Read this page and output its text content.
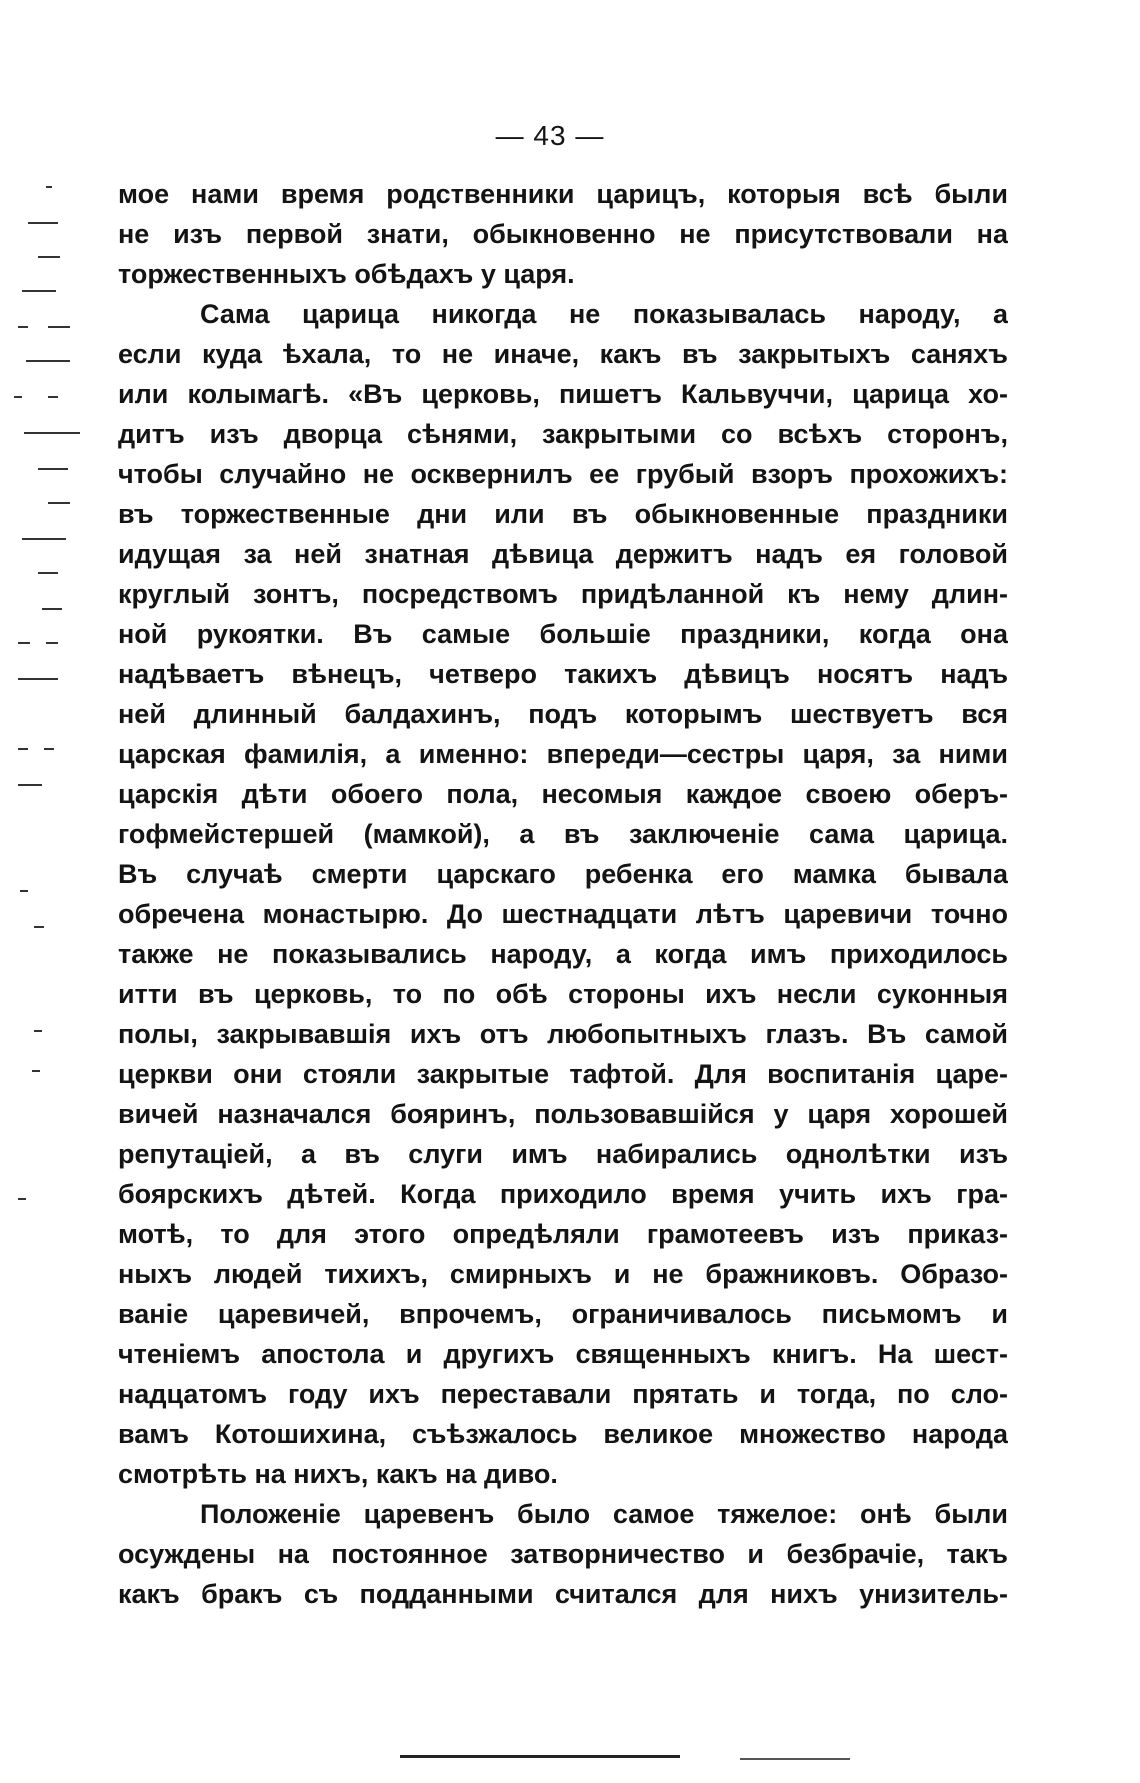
— 43 —
мое нами время родственники царицъ, которыя всѣ были
не изъ первой знати, обыкновенно не присутствовали на
торжественныхъ обѣдахъ у царя.
Сама царица никогда не показывалась народу, а
если куда ѣхала, то не иначе, какъ въ закрытыхъ саняхъ
или колымагѣ. «Въ церковь, пишетъ Кальвуччи, царица хо-
дитъ изъ дворца сѣнями, закрытыми со всѣхъ сторонъ,
чтобы случайно не осквернилъ ее грубый взоръ прохожихъ:
въ торжественные дни или въ обыкновенные праздники
идущая за ней знатная дѣвица держитъ надъ ея головой
круглый зонтъ, посредствомъ придѣланной къ нему длин-
ной рукоятки. Въ самые большіе праздники, когда она
надѣваетъ вѣнецъ, четверо такихъ дѣвицъ носятъ надъ
ней длинный балдахинъ, подъ которымъ шествуетъ вся
царская фамилія, а именно: впереди—сестры царя, за ними
царскія дѣти обоего пола, несомыя каждое своею оберъ-
гофмейстершей (мамкой), а въ заключеніе сама царица.
Въ случаѣ смерти царскаго ребенка его мамка бывала
обречена монастырю. До шестнадцати лѣтъ царевичи точно
также не показывались народу, а когда имъ приходилось
итти въ церковь, то по обѣ стороны ихъ несли суконныя
полы, закрывавшія ихъ отъ любопытныхъ глазъ. Въ самой
церкви они стояли закрытые тафтой. Для воспитанія царе-
вичей назначался бояринъ, пользовавшійся у царя хорошей
репутаціей, а въ слуги имъ набирались однолѣтки изъ
боярскихъ дѣтей. Когда приходило время учить ихъ гра-
мотѣ, то для этого опредѣляли грамотеевъ изъ приказ-
ныхъ людей тихихъ, смирныхъ и не бражниковъ. Образо-
ваніе царевичей, впрочемъ, ограничивалось письмомъ и
чтеніемъ апостола и другихъ священныхъ книгъ. На шест-
надцатомъ году ихъ переставали прятать и тогда, по сло-
вамъ Котошихина, съѣзжалось великое множество народа
смотрѣть на нихъ, какъ на диво.
Положеніе царевенъ было самое тяжелое: онѣ были
осуждены на постоянное затворничество и безбрачіе, такъ
какъ бракъ съ подданными считался для нихъ унизитель-
